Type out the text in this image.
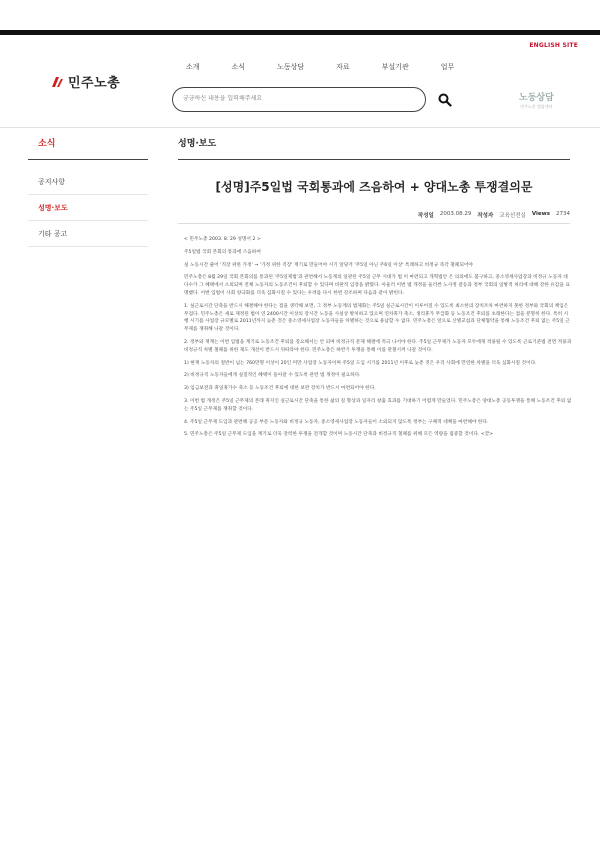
ENGLISH SITE
민주노총
소개	소식	노동상담	자료	부설기관	업무
궁금하신 내용을 입력해주세요
노동상담
민주노총 법률센터
소식	성명·보도
공지사항
성명·보도
기타 공고
[성명]주5일법 국회통과에 즈음하여 + 양대노총 투쟁결의문
작성일 2003.08.29 작성자 교육선전실 Views 2734

< 민주노총 2003. 8. 29 성명서 2 >

주5일법 국회 본회의 통과에 즈음하여

실 노동시간 줄어 '직장 위한 가정' → '가정 위한 직장' 계기로 만들어야 시기 앞당겨 '주5일 아닌 주6일 이상' 특례하고 비정규 즉각 철폐되어야

민주노총은 8월 29일 국회 본회의를 통과된 '주5일제법'과 관련해서 노동계의 일관된 주5일 근무 시대가 법 이 마련되고 개혁법안 은 의의에도 불구하고, 중소영세사업장과 비정규 노동자 대다수가 그 혜택에서 소외되며 전체 노동자의 노동조건이 후퇴할 수 있다며 비판적 입장을 밝혔다. 아울러 이번 법 개정을 둘러싼 노사정 갈등과 정부 국회의 일방적 처리에 대해 강한 유감을 표명했다. 이번 입법이 사회 양극화를 더욱 심화시킬 수 있다는 우려를 다시 한번 강조하며 다음과 같이 밝힌다.

1. 실근로시간 단축을 반드시 해결해야 한다는 점을 생각해 보면, 그 정부 노동계의 법제화는 주5일 실근로시간이 이루어질 수 있도록 최소한의 장치조차 마련하지 못한 정부와 국회의 책임은 무겁다. 민주노총은 새로 제정된 법이 연 2400시간 이상의 장시간 노동을 사실상 방치하고 있으며 연차휴가 축소, 생리휴가 무급화 등 노동조건 후퇴를 초래한다는 점을 분명히 한다. 특히 시행 시기를 사업장 규모별로 2011년까지 늦춘 것은 중소영세사업장 노동자들을 차별하는 것으로 용납할 수 없다. 민주노총은 앞으로 산별교섭과 단체협약을 통해 노동조건 후퇴 없는 주5일 근무제를 쟁취해 나갈 것이다.

2. 정부와 재계는 이번 입법을 계기로 노동조건 후퇴를 강요해서는 안 되며 비정규직 문제 해결에 적극 나서야 한다. 주5일 근무제가 노동자 모두에게 적용될 수 있도록 근로기준법 전면 적용과 비정규직 차별 철폐를 위한 제도 개선이 반드시 뒤따라야 한다. 민주노총은 하반기 투쟁을 통해 이를 관철시켜 나갈 것이다.

1) 현재 노동자의 절반이 넘는 760만명 이상이 20인 미만 사업장 노동자이며 주5일 도입 시기를 2011년 이후로 늦춘 것은 우리 사회에 만연한 차별을 더욱 심화시킬 것이다.

2) 비정규직 노동자들에게 실질적인 혜택이 돌아갈 수 있도록 관련 법 개정이 필요하다.

3) 임금보전과 휴일휴가수 축소 등 노동조건 후퇴에 대한 보완 장치가 반드시 마련되어야 한다.

3. 이번 법 개정은 주5일 근무제의 본래 취지인 실근로시간 단축을 통한 삶의 질 향상과 일자리 창출 효과를 기대하기 어렵게 만들었다. 민주노총은 양대노총 공동투쟁을 통해 노동조건 후퇴 없는 주5일 근무제를 쟁취할 것이다.

4. 주5일 근무제 도입과 관련해 공공 부문 노동자와 비정규 노동자, 중소영세사업장 노동자들이 소외되지 않도록 정부는 구체적 대책을 마련해야 한다.

5. 민주노총은 주5일 근무제 도입을 계기로 더욱 강력한 투쟁을 전개할 것이며 노동시간 단축과 비정규직 철폐를 위해 모든 역량을 집중할 것이다. <끝>
